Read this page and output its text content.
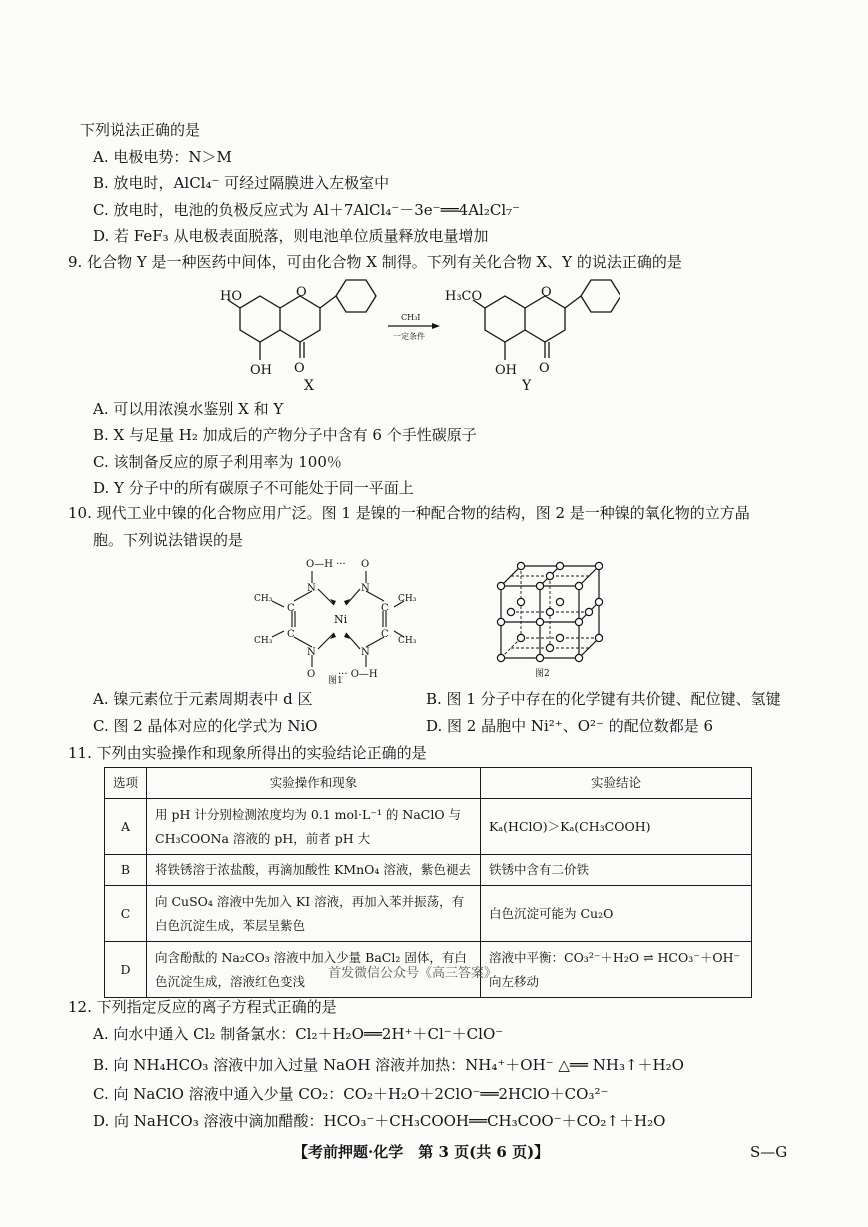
下列说法正确的是
A. 电极电势：N＞M
B. 放电时，AlCl₄⁻ 可经过隔膜进入左极室中
C. 放电时，电池的负极反应式为 Al＋7AlCl₄⁻－3e⁻══4Al₂Cl₇⁻
D. 若 FeF₃ 从电极表面脱落，则电池单位质量释放电量增加
9. 化合物 Y 是一种医药中间体，可由化合物 X 制得。下列有关化合物 X、Y 的说法正确的是
HO	O
O
OH
X
CH₃I
一定条件
H₃CO	O
O
OH
Y
A. 可以用浓溴水鉴别 X 和 Y
B. X 与足量 H₂ 加成后的产物分子中含有 6 个手性碳原子
C. 该制备反应的原子利用率为 100％
D. Y 分子中的所有碳原子不可能处于同一平面上
10. 现代工业中镍的化合物应用广泛。图 1 是镍的一种配合物的结构，图 2 是一种镍的氧化物的立方晶
胞。下列说法错误的是
O—H ··· O
N	N
Ni
C
C
C
C
CH₃
CH₃
CH₃
CH₃
N	N
O ··· O—H
图1
图2
A. 镍元素位于元素周期表中 d 区	B. 图 1 分子中存在的化学键有共价键、配位键、氢键
C. 图 2 晶体对应的化学式为 NiO	D. 图 2 晶胞中 Ni²⁺、O²⁻ 的配位数都是 6
11. 下列由实验操作和现象所得出的实验结论正确的是
选项	实验操作和现象	实验结论
A	用 pH 计分别检测浓度均为 0.1 mol·L⁻¹ 的 NaClO 与 CH₃COONa 溶液的 pH，前者 pH 大	Kₐ(HClO)＞Kₐ(CH₃COOH)
B	将铁锈溶于浓盐酸，再滴加酸性 KMnO₄ 溶液，紫色褪去	铁锈中含有二价铁
C	向 CuSO₄ 溶液中先加入 KI 溶液，再加入苯并振荡，有白色沉淀生成，苯层呈紫色	白色沉淀可能为 Cu₂O
D	向含酚酞的 Na₂CO₃ 溶液中加入少量 BaCl₂ 固体，有白色沉淀生成，溶液红色变浅	溶液中平衡：CO₃²⁻＋H₂O ⇌ HCO₃⁻＋OH⁻ 向左移动
首发微信公众号《高三答案》
12. 下列指定反应的离子方程式正确的是
A. 向水中通入 Cl₂ 制备氯水：Cl₂＋H₂O══2H⁺＋Cl⁻＋ClO⁻
B. 向 NH₄HCO₃ 溶液中加入过量 NaOH 溶液并加热：NH₄⁺＋OH⁻ △══ NH₃↑＋H₂O
C. 向 NaClO 溶液中通入少量 CO₂：CO₂＋H₂O＋2ClO⁻══2HClO＋CO₃²⁻
D. 向 NaHCO₃ 溶液中滴加醋酸：HCO₃⁻＋CH₃COOH══CH₃COO⁻＋CO₂↑＋H₂O
【考前押题·化学　第 3 页(共 6 页)】	S—G
